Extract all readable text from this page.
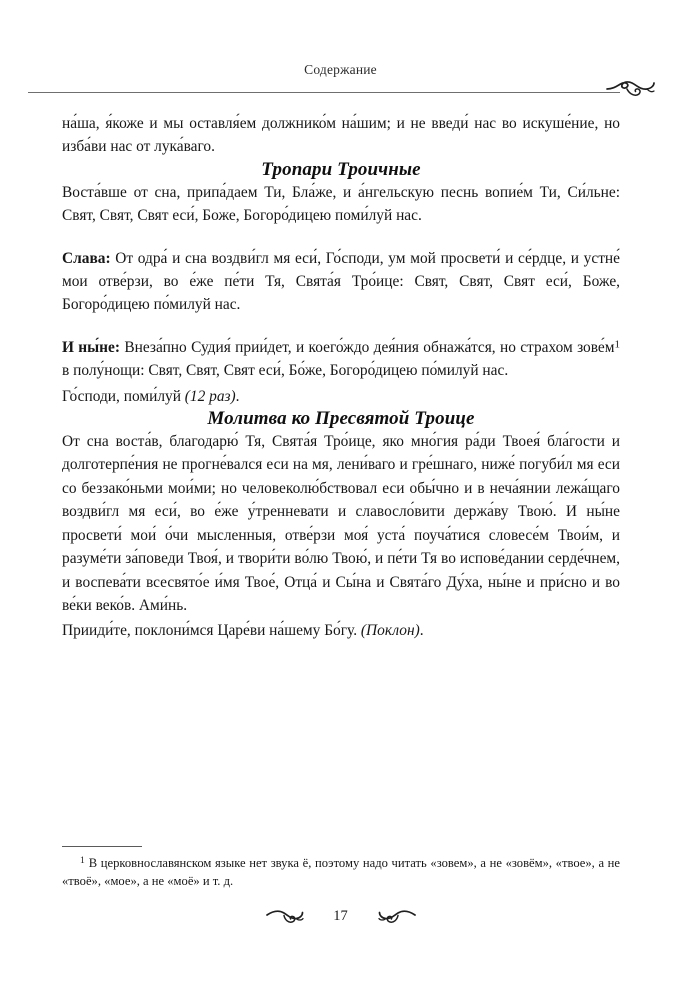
Содержание

на́ша, я́коже и мы оставля́ем должнико́м на́шим; и не введи́ нас во искуше́ние, но изба́ви нас от лука́ваго.

Тропари Троичные

Воста́вше от сна, припа́даем Ти, Бла́же, и а́нгельскую песнь вопие́м Ти, Си́льне: Свят, Свят, Свят еси́, Боже, Богоро́дицею поми́луй нас.

Слава: От одра́ и сна воздви́гл мя еси́, Го́споди, ум мой просвети́ и се́рдце, и устне́ мои отве́рзи, во е́же пе́ти Тя, Свята́я Тро́ице: Свят, Свят, Свят еси́, Боже, Богоро́дицею по́милуй нас.

И ны́не: Внеза́пно Судия́ прии́дет, и коего́ждо дея́ния обнажа́тся, но страхом зове́м$^1$ в полу́нощи: Свят, Свят, Свят еси́, Бо́же, Богоро́дицею по́милуй нас.

Го́споди, поми́луй (12 раз).

Молитва ко Пресвятой Троице

От сна воста́в, благодарю́ Тя, Свята́я Тро́ице, яко мно́гия ра́ди Твоея́ бла́гости и долготерпе́ния не прогне́вался еси на мя, лени́ваго и гре́шнаго, ниже́ погуби́л мя еси со беззако́ньми мои́ми; но человеколю́бствовал еси обы́чно и в неча́янии лежа́щаго воздви́гл мя еси́, во е́же у́тренневати и славосло́вити держа́ву Твою́. И ны́не просвети́ мои́ о́чи мысленныя, отве́рзи моя́ уста́ поуча́тися словесе́м Твои́м, и разуме́ти за́поведи Твоя́, и твори́ти во́лю Твою́, и пе́ти Тя во испове́дании серде́чнем, и воспева́ти всесвято́е и́мя Твое́, Отца́ и Сы́на и Свята́го Ду́ха, ны́не и при́сно и во ве́ки веко́в. Ами́нь.

Прииди́те, поклони́мся Царе́ви на́шему Бо́гу. (Поклон).

$^1$ В церковнославянском языке нет звука ё, поэтому надо читать «зовем», а не «зовём», «твое», а не «твоё», «мое», а не «моё» и т. д.

17
